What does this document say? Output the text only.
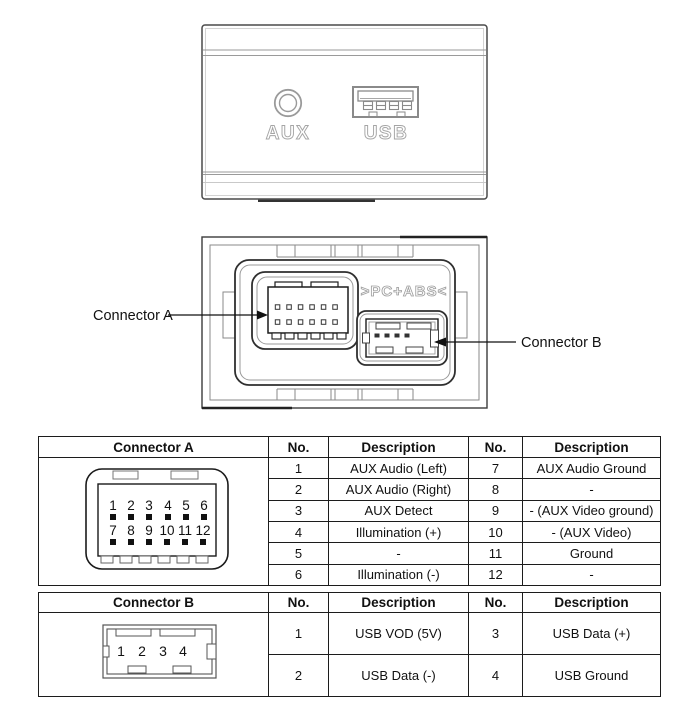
AUX	USB
>PC+ABS<
Connector A
Connector B
Connector A	No.	Description	No.	Description

1 2 3 4 5 6
7 8 9 10 11 12
	1	AUX Audio (Left)	7	AUX Audio Ground
	2	AUX Audio (Right)	8	-
	3	AUX Detect	9	- (AUX Video ground)
	4	Illumination (+)	10	- (AUX Video)
	5	-	11	Ground
	6	Illumination (-)	12	-
Connector B	No.	Description	No.	Description

1 2 3 4	1	USB VOD (5V)	3	USB Data (+)
	2	USB Data (-)	4	USB Ground
